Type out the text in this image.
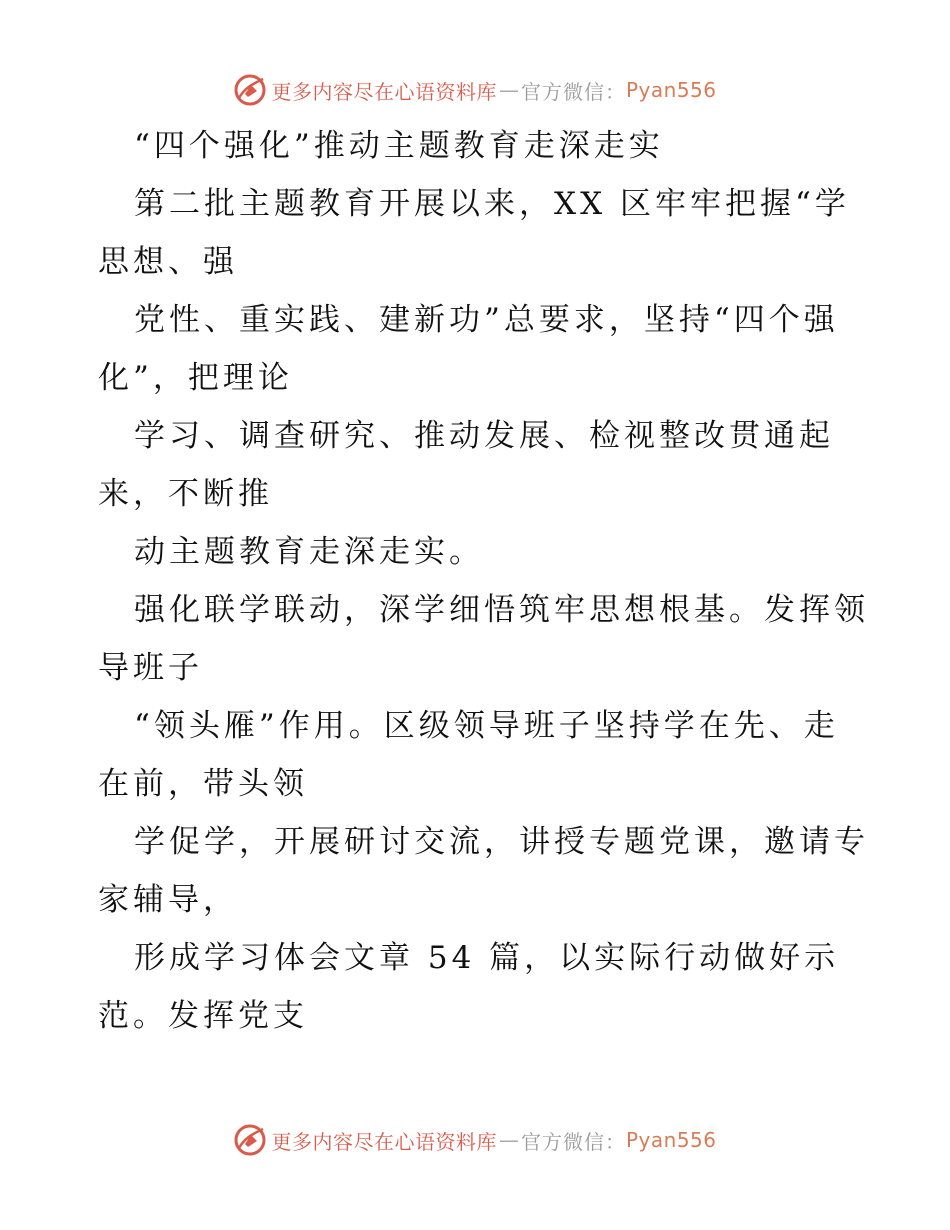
更多内容尽在心语资料库 — 官方微信： Pyan556
“四个强化”推动主题教育走深走实

第二批主题教育开展以来，XX 区牢牢把握“学

思想、强

党性、重实践、建新功”总要求，坚持“四个强

化”，把理论

学习、调查研究、推动发展、检视整改贯通起

来，不断推

动主题教育走深走实。

强化联学联动，深学细悟筑牢思想根基。发挥领

导班子

“领头雁”作用。区级领导班子坚持学在先、走

在前，带头领

学促学，开展研讨交流，讲授专题党课，邀请专

家辅导，

形成学习体会文章 54 篇，以实际行动做好示

范。发挥党支

更多内容尽在心语资料库 — 官方微信： Pyan556
